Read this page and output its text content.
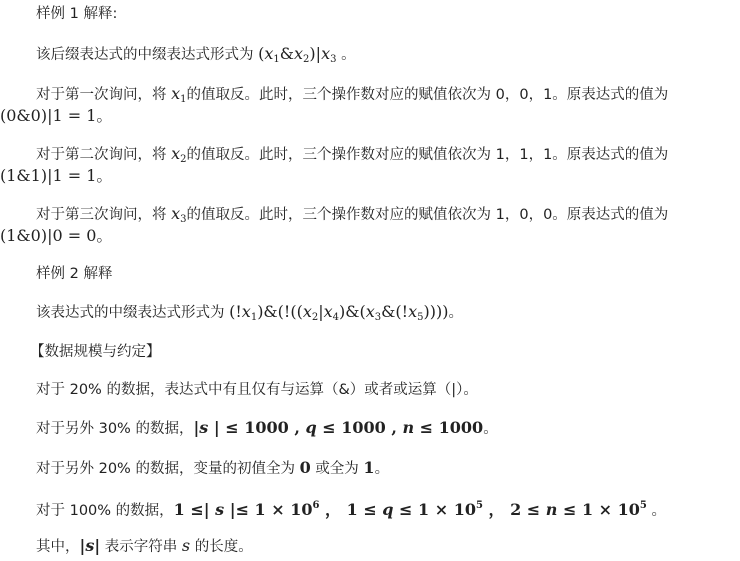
样例 1 解释:
该后缀表达式的中缀表达式形式为 $(x_1\&x_2)|x_3$ 。
对于第一次询问，将 $x_1$的值取反。此时，三个操作数对应的赋值依次为 0，0，1。原表达式的值为
(0&0)|1 = 1。
对于第二次询问，将 $x_2$的值取反。此时，三个操作数对应的赋值依次为 1，1，1。原表达式的值为
(1&1)|1 = 1。
对于第三次询问，将 $x_3$的值取反。此时，三个操作数对应的赋值依次为 1，0，0。原表达式的值为
(1&0)|0 = 0。
样例 2 解释
该表达式的中缀表达式形式为 $(!x_1)\&(!((x_2|x_4)\&(x_3\&(!x_5))))$。
【数据规模与约定】
对于 20% 的数据，表达式中有且仅有与运算（&）或者或运算（|）。
对于另外 30% 的数据，|s | ≤ 1000 , q ≤ 1000 , n ≤ 1000。
对于另外 20% 的数据，变量的初值全为 0 或全为 1。
对于 100% 的数据，1 ≤| s |≤ $1 \times 10^6$ ， $1 \le q \le 1 \times 10^5$ ， $2 \le n \le 1 \times 10^5$ 。
其中，|s| 表示字符串 s 的长度。
